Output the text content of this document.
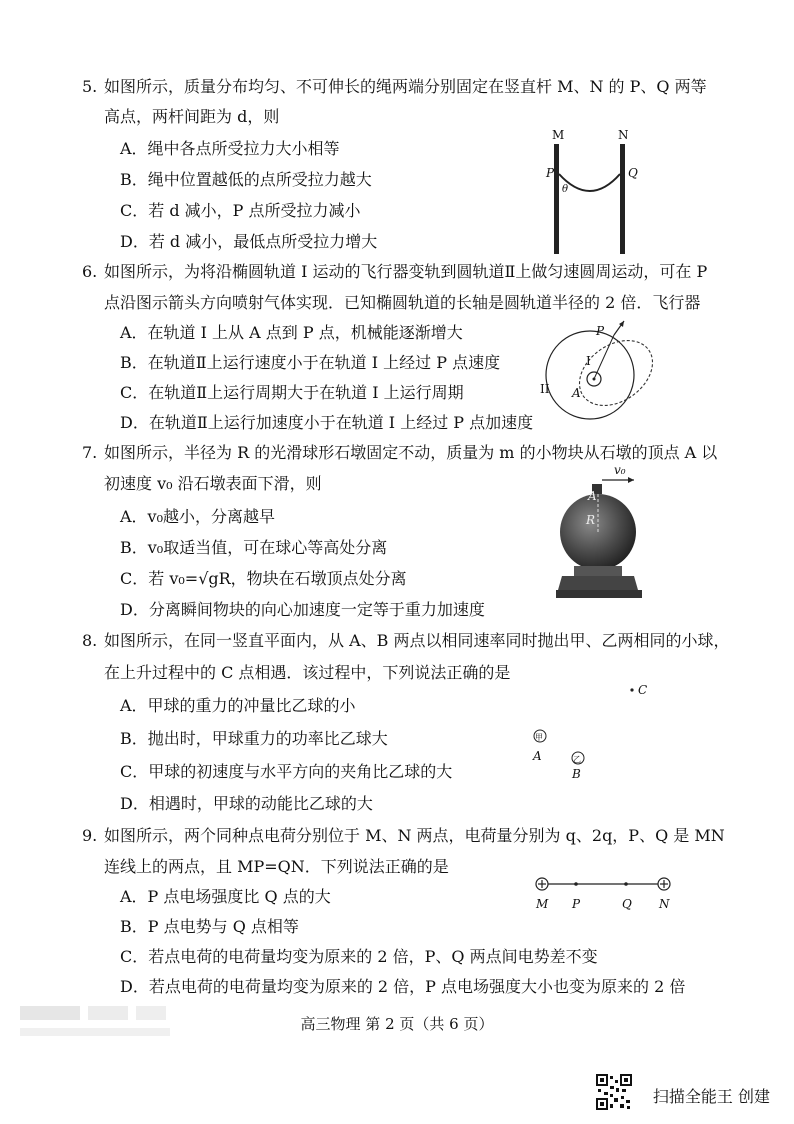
5. 如图所示，质量分布均匀、不可伸长的绳两端分别固定在竖直杆 M、N 的 P、Q 两等
高点，两杆间距为 d，则
A．绳中各点所受拉力大小相等
B．绳中位置越低的点所受拉力越大
C．若 d 减小，P 点所受拉力减小
D．若 d 减小，最低点所受拉力增大
M	N
P	Q
θ
6. 如图所示，为将沿椭圆轨道 I 运动的飞行器变轨到圆轨道Ⅱ上做匀速圆周运动，可在 P
点沿图示箭头方向喷射气体实现．已知椭圆轨道的长轴是圆轨道半径的 2 倍．飞行器
A．在轨道 I 上从 A 点到 P 点，机械能逐渐增大
B．在轨道Ⅱ上运行速度小于在轨道 I 上经过 P 点速度
C．在轨道Ⅱ上运行周期大于在轨道 I 上运行周期
D．在轨道Ⅱ上运行加速度小于在轨道 I 上经过 P 点加速度
P
I
II A
7. 如图所示，半径为 R 的光滑球形石墩固定不动，质量为 m 的小物块从石墩的顶点 A 以
初速度 v₀ 沿石墩表面下滑，则
A．v₀越小，分离越早
B．v₀取适当值，可在球心等高处分离
C．若 v₀=√gR，物块在石墩顶点处分离
D．分离瞬间物块的向心加速度一定等于重力加速度
v₀
A
R
8. 如图所示，在同一竖直平面内，从 A、B 两点以相同速率同时抛出甲、乙两相同的小球，
在上升过程中的 C 点相遇．该过程中，下列说法正确的是
A．甲球的重力的冲量比乙球的小
B．抛出时，甲球重力的功率比乙球大
C．甲球的初速度与水平方向的夹角比乙球的大
D．相遇时，甲球的动能比乙球的大
C
甲
A	乙
B
9. 如图所示，两个同种点电荷分别位于 M、N 两点，电荷量分别为 q、2q，P、Q 是 MN
连线上的两点，且 MP=QN．下列说法正确的是
A．P 点电场强度比 Q 点的大
B．P 点电势与 Q 点相等
C．若点电荷的电荷量均变为原来的 2 倍，P、Q 两点间电势差不变
D．若点电荷的电荷量均变为原来的 2 倍，P 点电场强度大小也变为原来的 2 倍
M P	Q N
高三物理 第 2 页（共 6 页）
扫描全能王 创建
